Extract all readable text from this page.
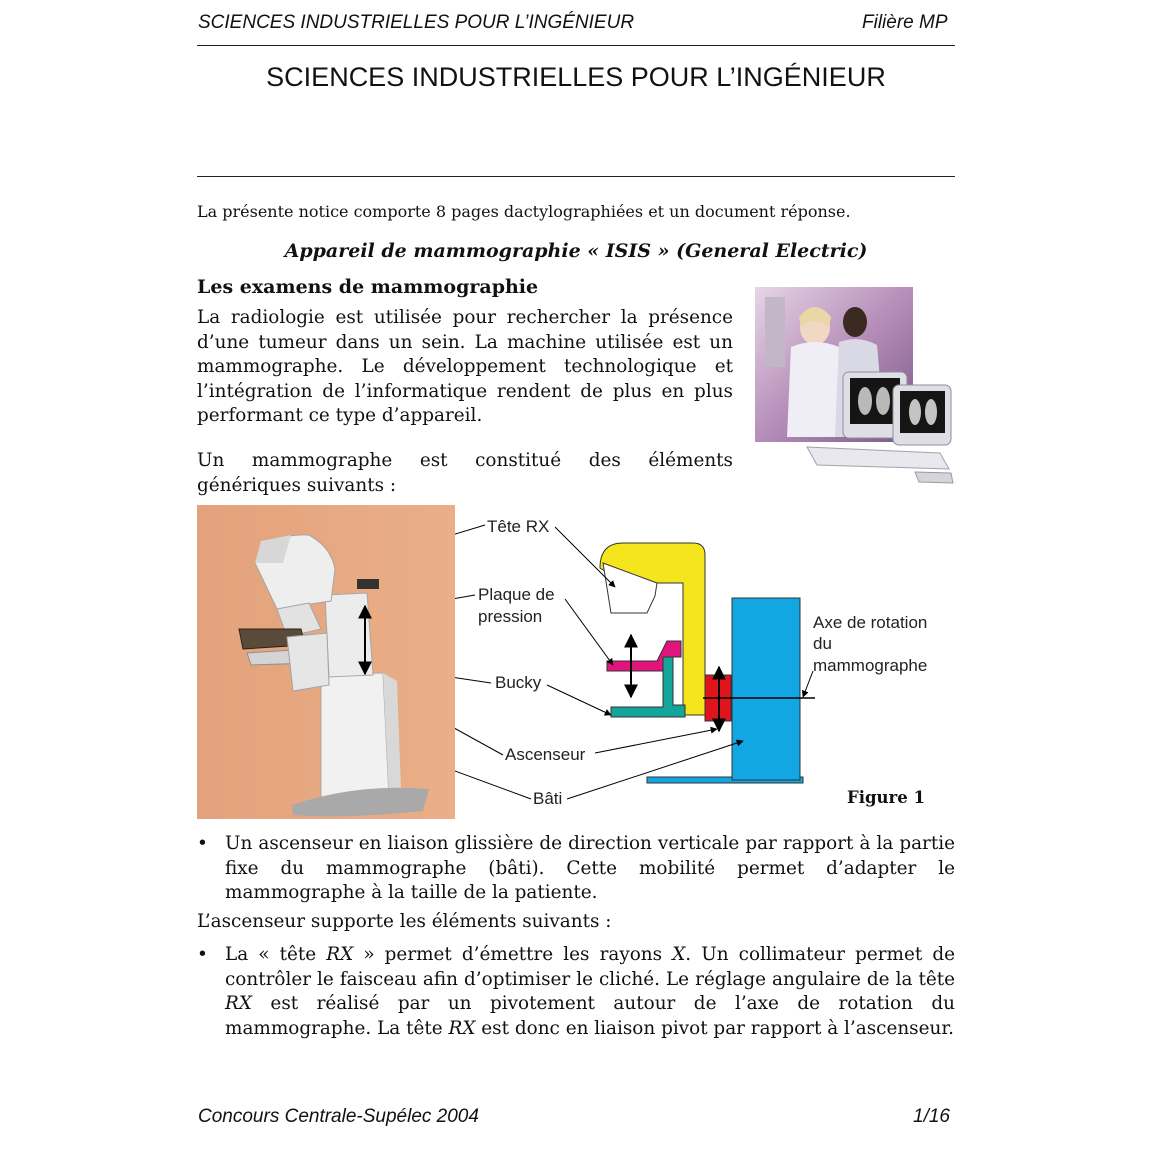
SCIENCES INDUSTRIELLES POUR L’INGÉNIEUR	Filière MP
SCIENCES INDUSTRIELLES POUR L’INGÉNIEUR
La présente notice comporte 8 pages dactylographiées et un document réponse.
Appareil de mammographie « ISIS » (General Electric)
Les examens de mammographie
La radiologie est utilisée pour rechercher la présence d’une tumeur dans un sein. La machine utilisée est un mammographe. Le développement technologique et l’intégration de l’informatique rendent de plus en plus performant ce type d’appareil.
Un mammographe est constitué des éléments génériques suivants :
Tête RX
Plaque de
pression
Bucky
Ascenseur
Bâti
Axe de rotation
du
mammographe
Figure 1
• Un ascenseur en liaison glissière de direction verticale par rapport à la partie fixe du mammographe (bâti). Cette mobilité permet d’adapter le mammographe à la taille de la patiente.
L’ascenseur supporte les éléments suivants :
• La « tête RX » permet d’émettre les rayons X. Un collimateur permet de contrôler le faisceau afin d’optimiser le cliché. Le réglage angulaire de la tête RX est réalisé par un pivotement autour de l’axe de rotation du mammographe. La tête RX est donc en liaison pivot par rapport à l’ascenseur.
Concours Centrale-Supélec 2004	1/16
